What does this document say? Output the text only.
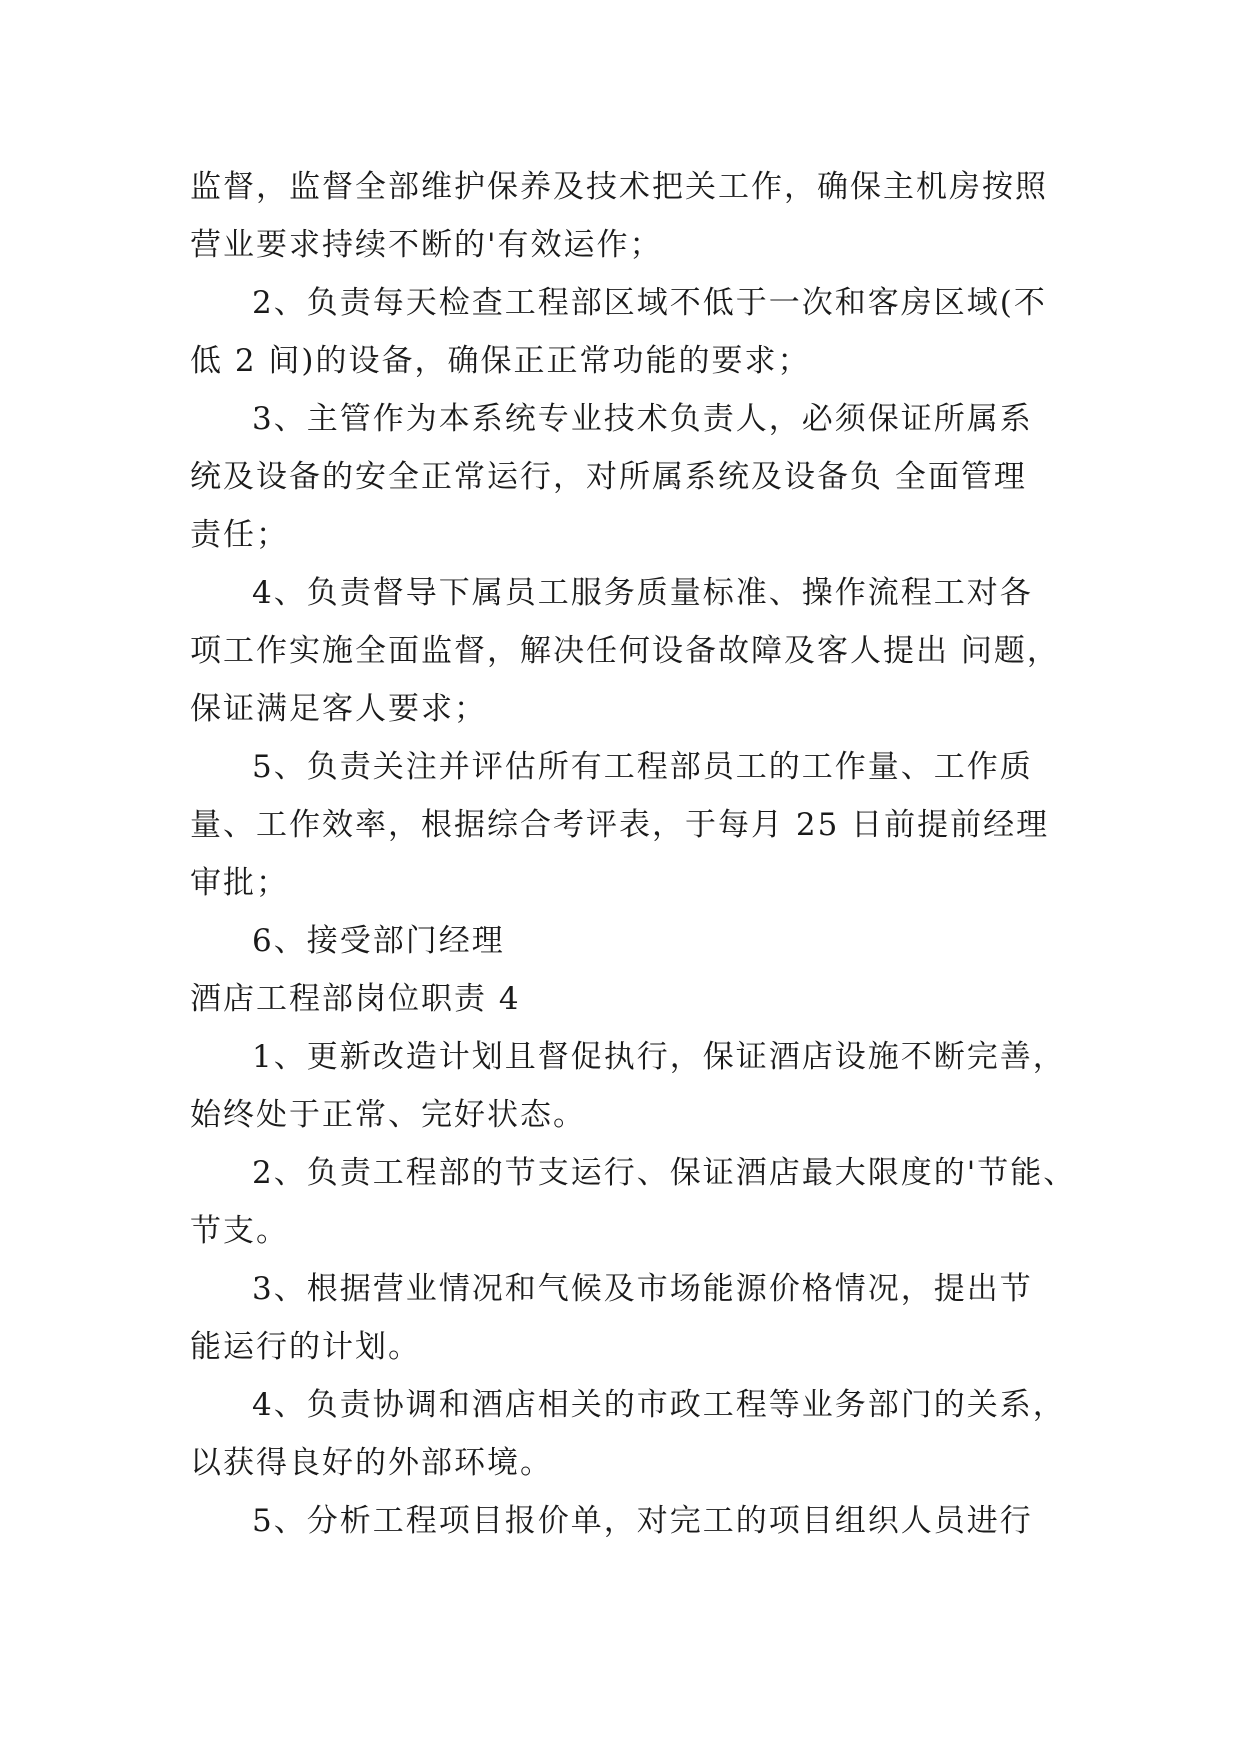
监督，监督全部维护保养及技术把关工作，确保主机房按照
营业要求持续不断的'有效运作；
2、负责每天检查工程部区域不低于一次和客房区域(不
低 2 间)的设备，确保正正常功能的要求；
3、主管作为本系统专业技术负责人，必须保证所属系
统及设备的安全正常运行，对所属系统及设备负 全面管理
责任；
4、负责督导下属员工服务质量标准、操作流程工对各
项工作实施全面监督，解决任何设备故障及客人提出 问题，
保证满足客人要求；
5、负责关注并评估所有工程部员工的工作量、工作质
量、工作效率，根据综合考评表，于每月 25 日前提前经理
审批；
6、接受部门经理
酒店工程部岗位职责 4
1、更新改造计划且督促执行，保证酒店设施不断完善，
始终处于正常、完好状态。
2、负责工程部的节支运行、保证酒店最大限度的'节能、
节支。
3、根据营业情况和气候及市场能源价格情况，提出节
能运行的计划。
4、负责协调和酒店相关的市政工程等业务部门的关系，
以获得良好的外部环境。
5、分析工程项目报价单，对完工的项目组织人员进行
